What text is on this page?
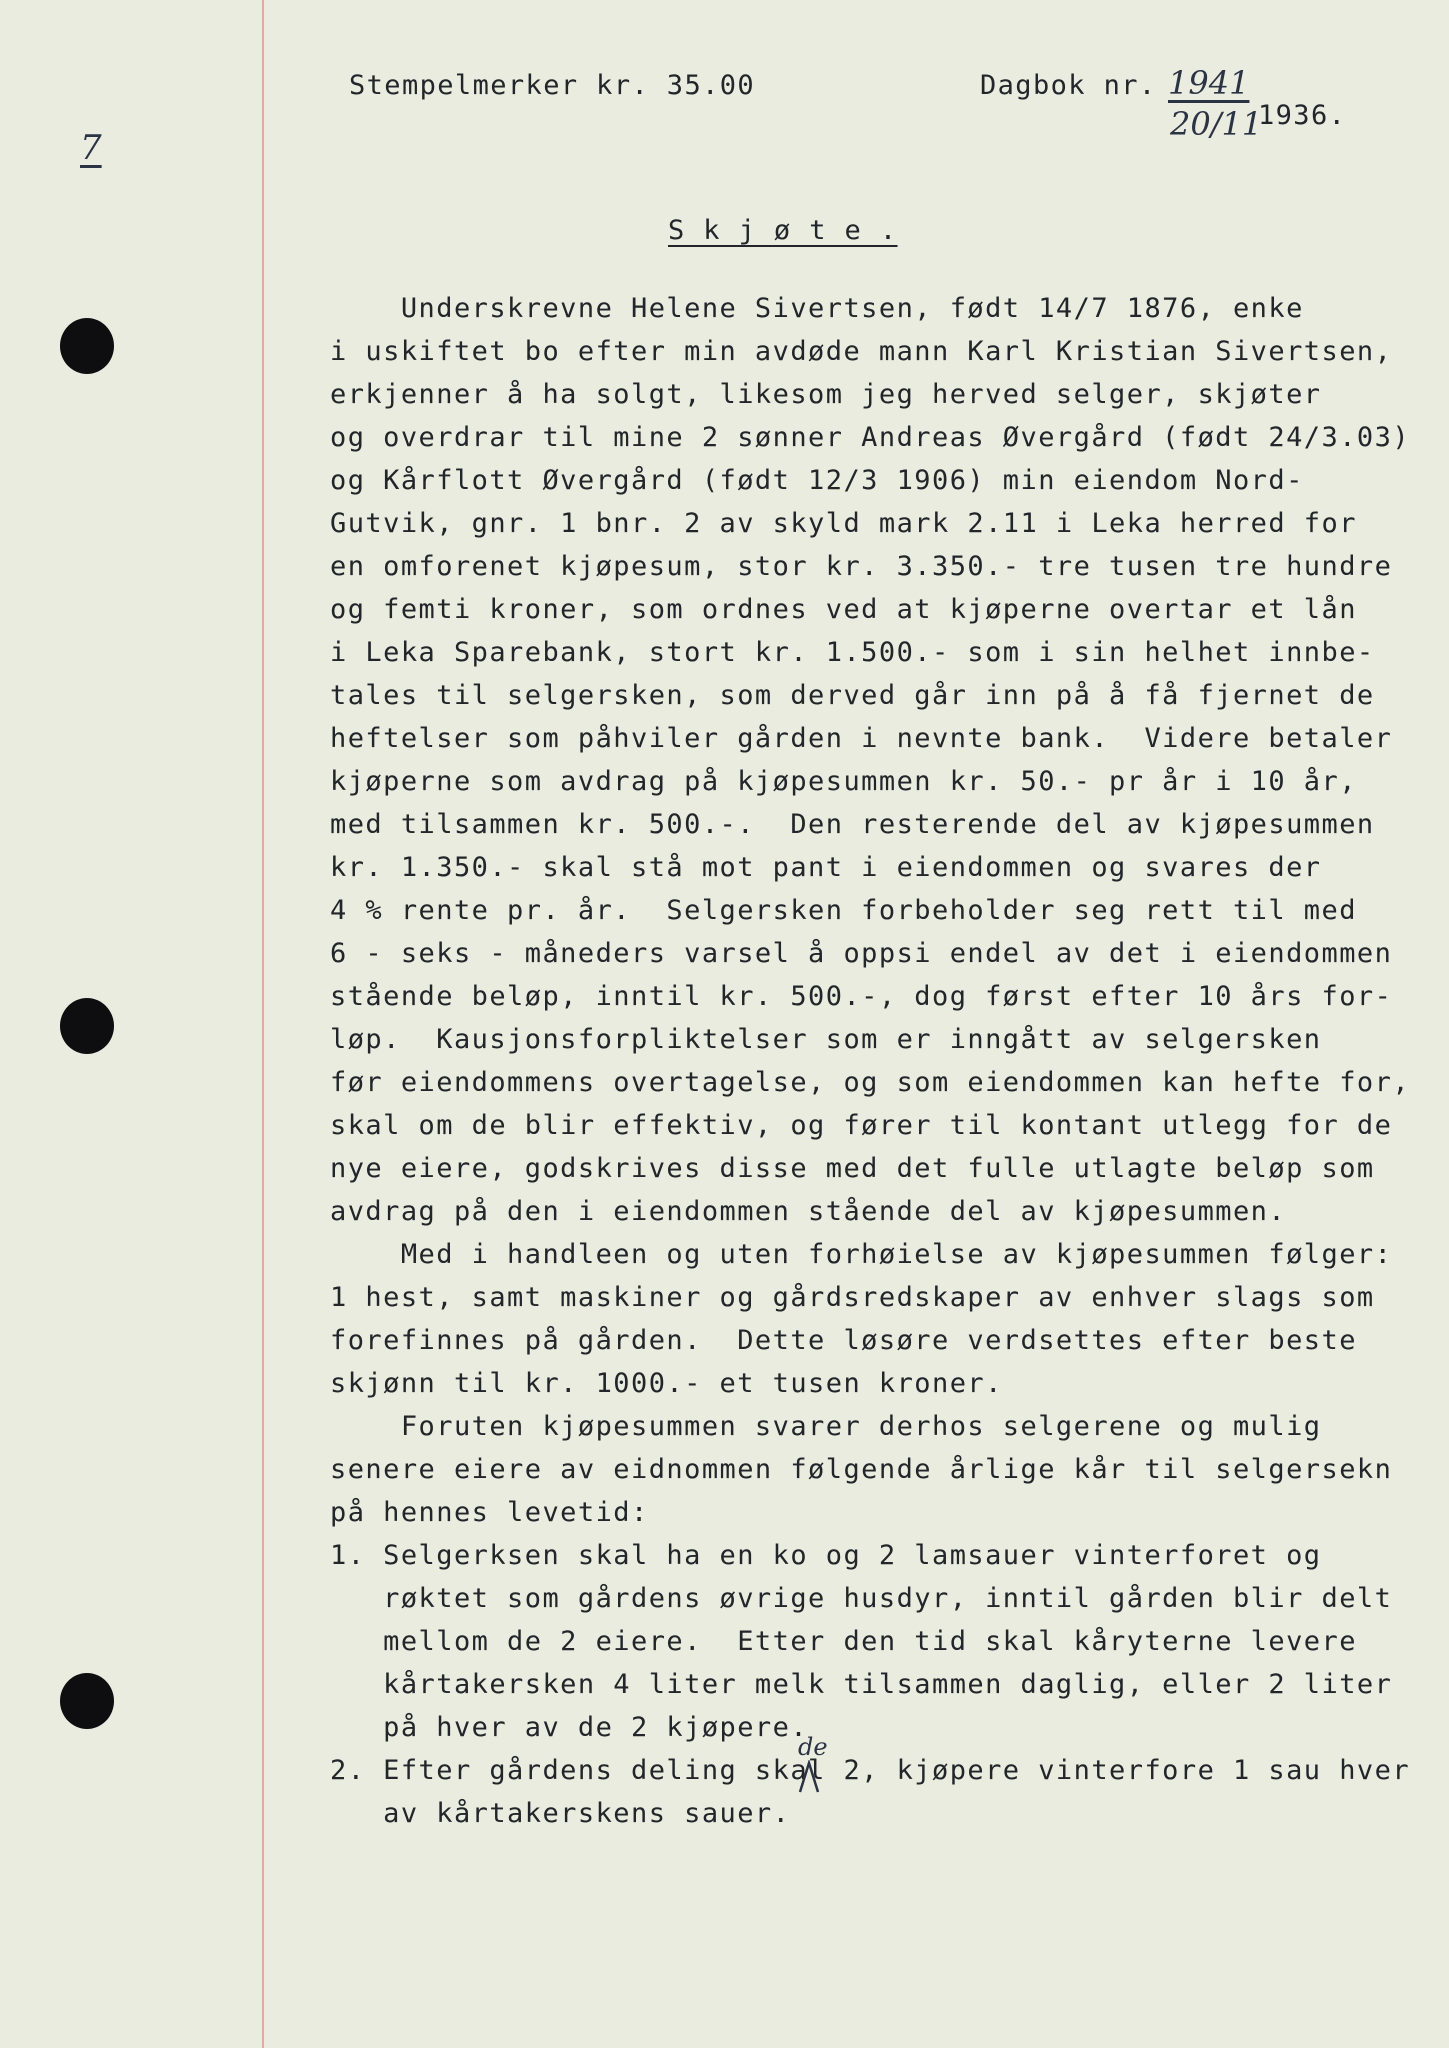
7
Stempelmerker kr. 35.00	Dagbok nr. 1941
20/11
1936.
S k j ø t e .
Underskrevne Helene Sivertsen, født 14/7 1876, enke
i uskiftet bo efter min avdøde mann Karl Kristian Sivertsen,
erkjenner å ha solgt, likesom jeg herved selger, skjøter
og overdrar til mine 2 sønner Andreas Øvergård (født 24/3.03)
og Kårflott Øvergård (født 12/3 1906) min eiendom Nord-
Gutvik, gnr. 1 bnr. 2 av skyld mark 2.11 i Leka herred for
en omforenet kjøpesum, stor kr. 3.350.- tre tusen tre hundre
og femti kroner, som ordnes ved at kjøperne overtar et lån
i Leka Sparebank, stort kr. 1.500.- som i sin helhet innbe-
tales til selgersken, som derved går inn på å få fjernet de
heftelser som påhviler gården i nevnte bank.  Videre betaler
kjøperne som avdrag på kjøpesummen kr. 50.- pr år i 10 år,
med tilsammen kr. 500.-.  Den resterende del av kjøpesummen
kr. 1.350.- skal stå mot pant i eiendommen og svares der
4 % rente pr. år.  Selgersken forbeholder seg rett til med
6 - seks - måneders varsel å oppsi endel av det i eiendommen
stående beløp, inntil kr. 500.-, dog først efter 10 års for-
løp.  Kausjonsforpliktelser som er inngått av selgersken
før eiendommens overtagelse, og som eiendommen kan hefte for,
skal om de blir effektiv, og fører til kontant utlegg for de
nye eiere, godskrives disse med det fulle utlagte beløp som
avdrag på den i eiendommen stående del av kjøpesummen.
Med i handleen og uten forhøielse av kjøpesummen følger:
1 hest, samt maskiner og gårdsredskaper av enhver slags som
forefinnes på gården.  Dette løsøre verdsettes efter beste
skjønn til kr. 1000.- et tusen kroner.
Foruten kjøpesummen svarer derhos selgerene og mulig
senere eiere av eidnommen følgende årlige kår til selgersekn
på hennes levetid:
1. Selgerksen skal ha en ko og 2 lamsauer vinterforet og
røktet som gårdens øvrige husdyr, inntil gården blir delt
mellom de 2 eiere.  Etter den tid skal kåryterne levere
kårtakersken 4 liter melk tilsammen daglig, eller 2 liter
på hver av de 2 kjøpere.
2. Efter gårdens deling skal 2, kjøpere vinterfore 1 sau hver
av kårtakerskens sauer.
de
